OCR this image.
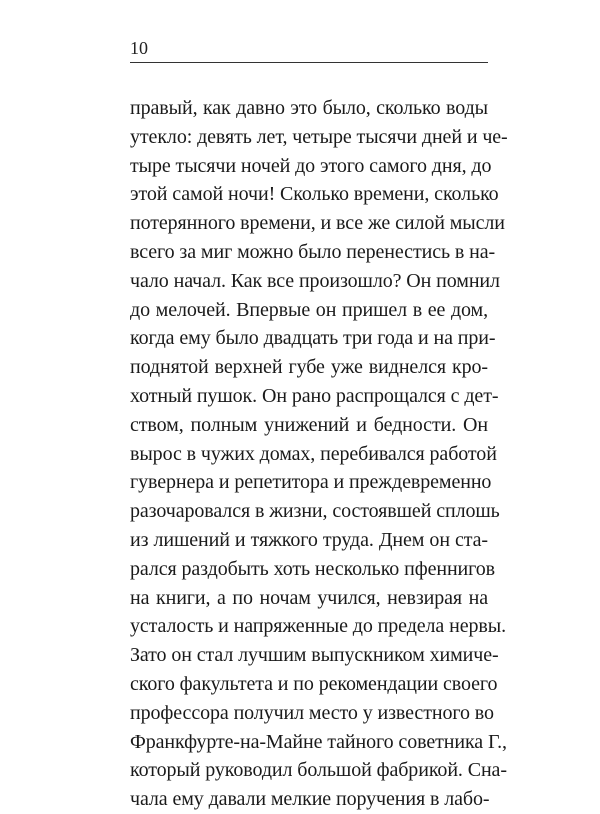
10
правый, как давно это было, сколько воды
утекло: девять лет, четыре тысячи дней и че-
тыре тысячи ночей до этого самого дня, до
этой самой ночи! Сколько времени, сколько
потерянного времени, и все же силой мысли
всего за миг можно было перенестись в на-
чало начал. Как все произошло? Он помнил
до мелочей. Впервые он пришел в ее дом,
когда ему было двадцать три года и на при-
поднятой верхней губе уже виднелся кро-
хотный пушок. Он рано распрощался с дет-
ством, полным унижений и бедности. Он
вырос в чужих домах, перебивался работой
гувернера и репетитора и преждевременно
разочаровался в жизни, состоявшей сплошь
из лишений и тяжкого труда. Днем он ста-
рался раздобыть хоть несколько пфеннигов
на книги, а по ночам учился, невзирая на
усталость и напряженные до предела нервы.
Зато он стал лучшим выпускником химиче-
ского факультета и по рекомендации своего
профессора получил место у известного во
Франкфурте-на-Майне тайного советника Г.,
который руководил большой фабрикой. Сна-
чала ему давали мелкие поручения в лабо-
